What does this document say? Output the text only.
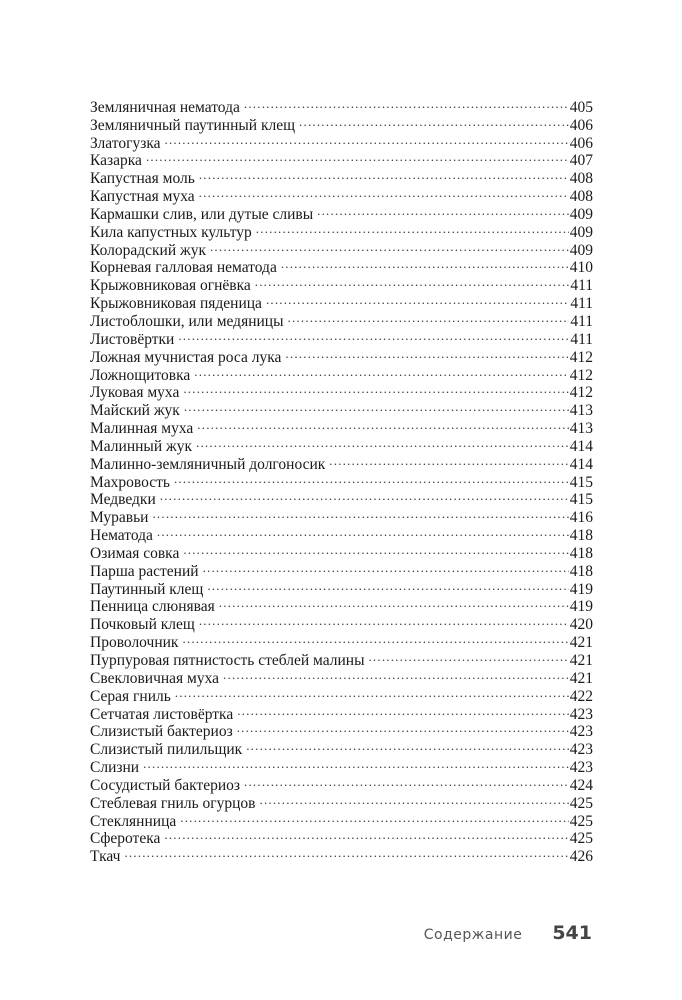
Земляничная нематода .....	405
Земляничный паутинный клещ .....	406
Златогузка .....	406
Казарка .....	407
Капустная моль .....	408
Капустная муха .....	408
Кармашки слив, или дутые сливы .....	409
Кила капустных культур .....	409
Колорадский жук .....	409
Корневая галловая нематода .....	410
Крыжовниковая огнёвка .....	411
Крыжовниковая пяденица .....	411
Листоблошки, или медяницы .....	411
Листовёртки .....	411
Ложная мучнистая роса лука .....	412
Ложнощитовка .....	412
Луковая муха .....	412
Майский жук .....	413
Малинная муха .....	413
Малинный жук .....	414
Малинно-земляничный долгоносик .....	414
Махровость .....	415
Медведки .....	415
Муравьи .....	416
Нематода .....	418
Озимая совка .....	418
Парша растений .....	418
Паутинный клещ .....	419
Пенница слюнявая .....	419
Почковый клещ .....	420
Проволочник .....	421
Пурпуровая пятнистость стеблей малины .....	421
Свекловичная муха .....	421
Серая гниль .....	422
Сетчатая листовёртка .....	423
Слизистый бактериоз .....	423
Слизистый пилильщик .....	423
Слизни .....	423
Сосудистый бактериоз .....	424
Стеблевая гниль огурцов .....	425
Стеклянница .....	425
Сферотека .....	425
Ткач .....	426
Содержание 541
